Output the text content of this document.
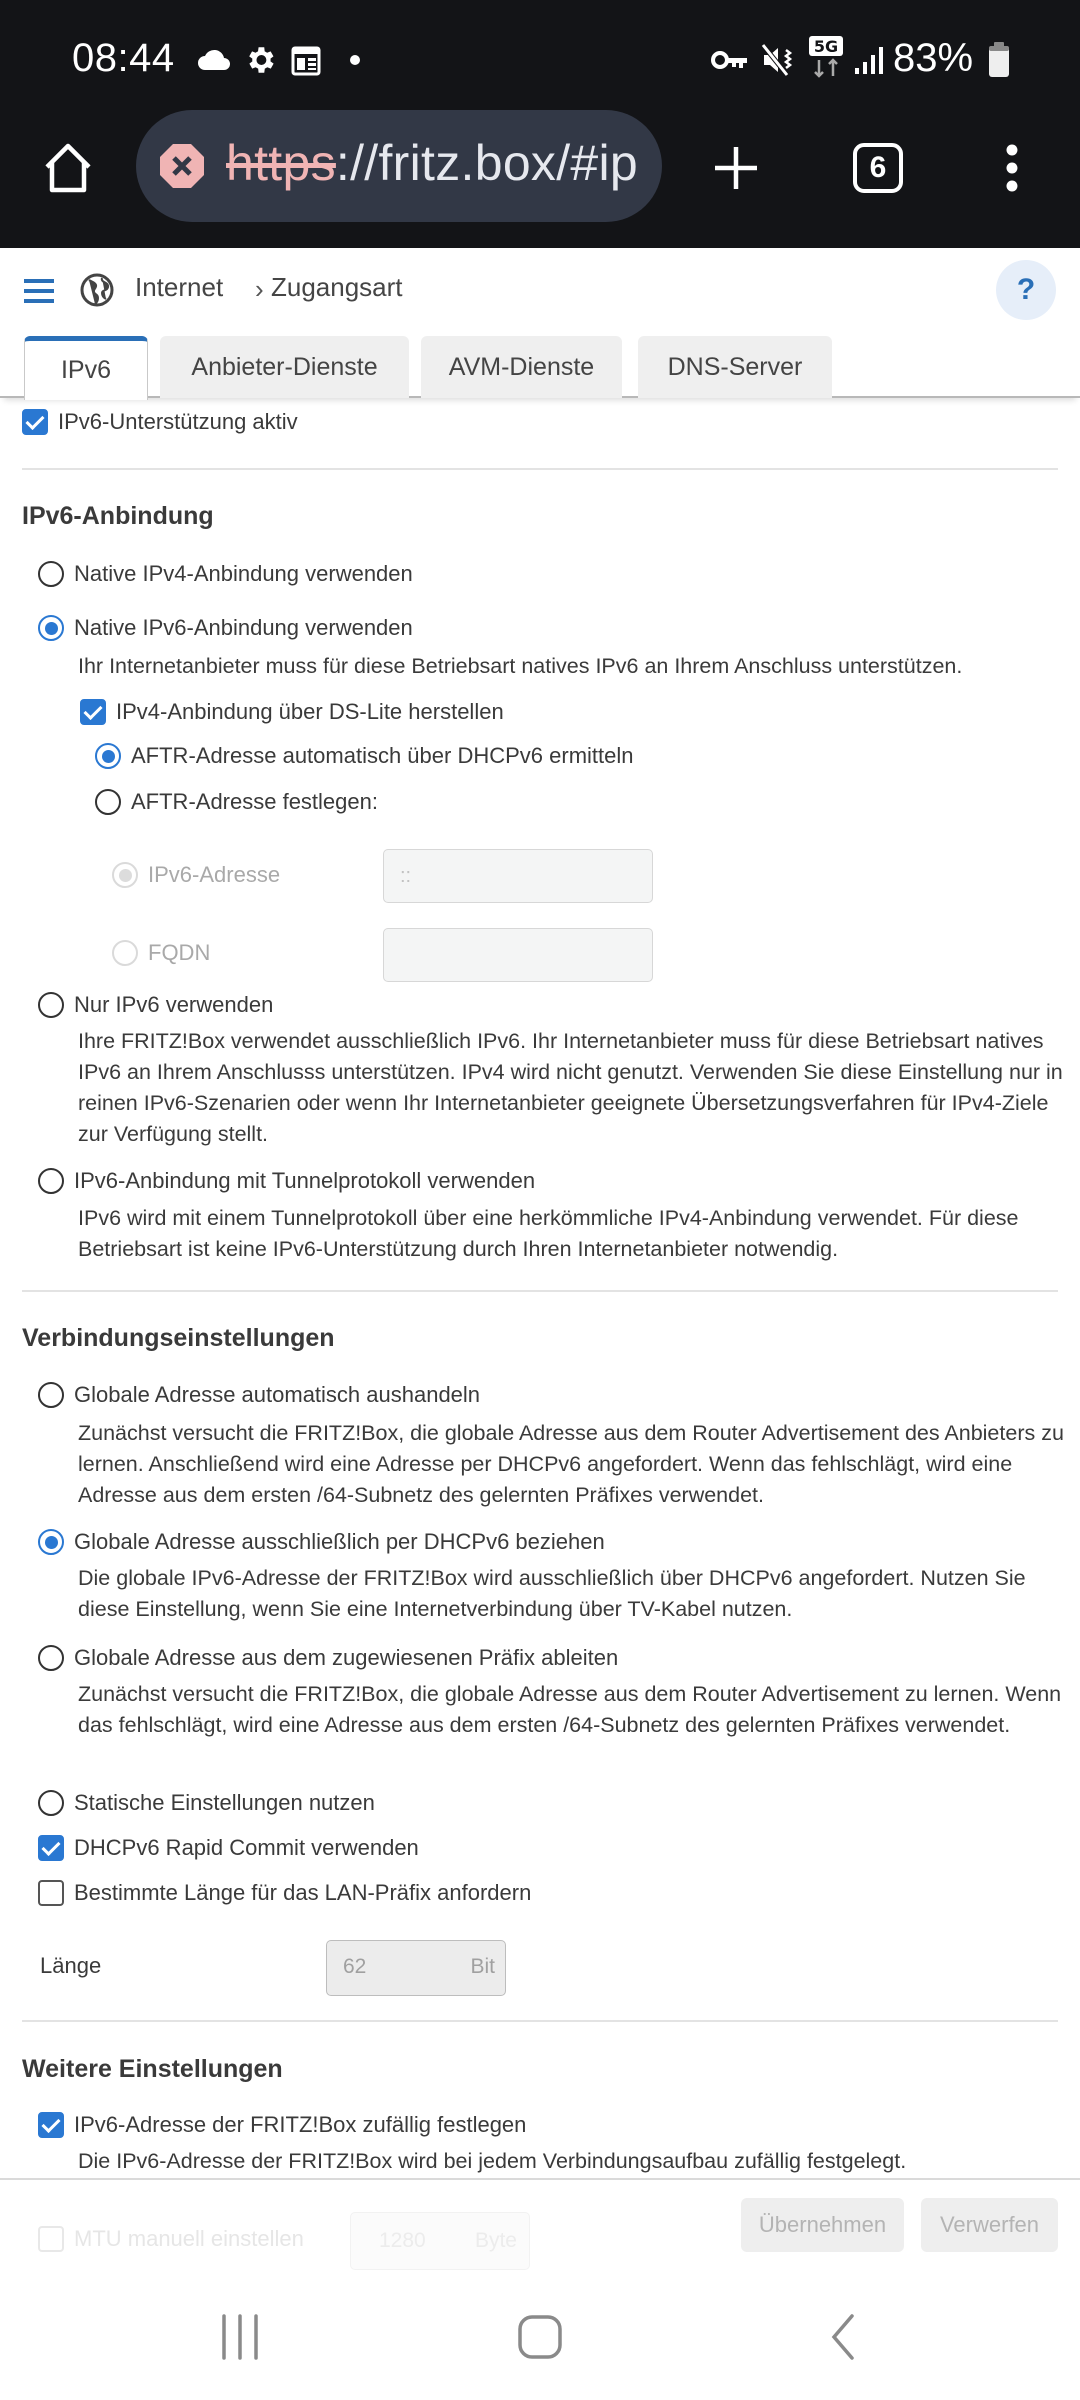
08:44	5G 83%
https://fritz.box/#ip	6
Internet › Zugangsart	?
IPv6	Anbieter-Dienste	AVM-Dienste	DNS-Server
IPv6-Unterstützung aktiv
IPv6-Anbindung
Native IPv4-Anbindung verwenden
Native IPv6-Anbindung verwenden
Ihr Internetanbieter muss für diese Betriebsart natives IPv6 an Ihrem Anschluss unterstützen.
IPv4-Anbindung über DS-Lite herstellen
AFTR-Adresse automatisch über DHCPv6 ermitteln
AFTR-Adresse festlegen:
IPv6-Adresse	::
FQDN
Nur IPv6 verwenden
Ihre FRITZ!Box verwendet ausschließlich IPv6. Ihr Internetanbieter muss für diese Betriebsart natives IPv6 an Ihrem Anschlusss unterstützen. IPv4 wird nicht genutzt. Verwenden Sie diese Einstellung nur in reinen IPv6-Szenarien oder wenn Ihr Internetanbieter geeignete Übersetzungsverfahren für IPv4-Ziele zur Verfügung stellt.
IPv6-Anbindung mit Tunnelprotokoll verwenden
IPv6 wird mit einem Tunnelprotokoll über eine herkömmliche IPv4-Anbindung verwendet. Für diese Betriebsart ist keine IPv6-Unterstützung durch Ihren Internetanbieter notwendig.
Verbindungseinstellungen
Globale Adresse automatisch aushandeln
Zunächst versucht die FRITZ!Box, die globale Adresse aus dem Router Advertisement des Anbieters zu lernen. Anschließend wird eine Adresse per DHCPv6 angefordert. Wenn das fehlschlägt, wird eine Adresse aus dem ersten /64-Subnetz des gelernten Präfixes verwendet.
Globale Adresse ausschließlich per DHCPv6 beziehen
Die globale IPv6-Adresse der FRITZ!Box wird ausschließlich über DHCPv6 angefordert. Nutzen Sie diese Einstellung, wenn Sie eine Internetverbindung über TV-Kabel nutzen.
Globale Adresse aus dem zugewiesenen Präfix ableiten
Zunächst versucht die FRITZ!Box, die globale Adresse aus dem Router Advertisement zu lernen. Wenn das fehlschlägt, wird eine Adresse aus dem ersten /64-Subnetz des gelernten Präfixes verwendet.
Statische Einstellungen nutzen
DHCPv6 Rapid Commit verwenden
Bestimmte Länge für das LAN-Präfix anfordern
Länge	62	Bit
Weitere Einstellungen
IPv6-Adresse der FRITZ!Box zufällig festlegen
Die IPv6-Adresse der FRITZ!Box wird bei jedem Verbindungsaufbau zufällig festgelegt.
MTU manuell einstellen	1280 Byte
Übernehmen	Verwerfen
